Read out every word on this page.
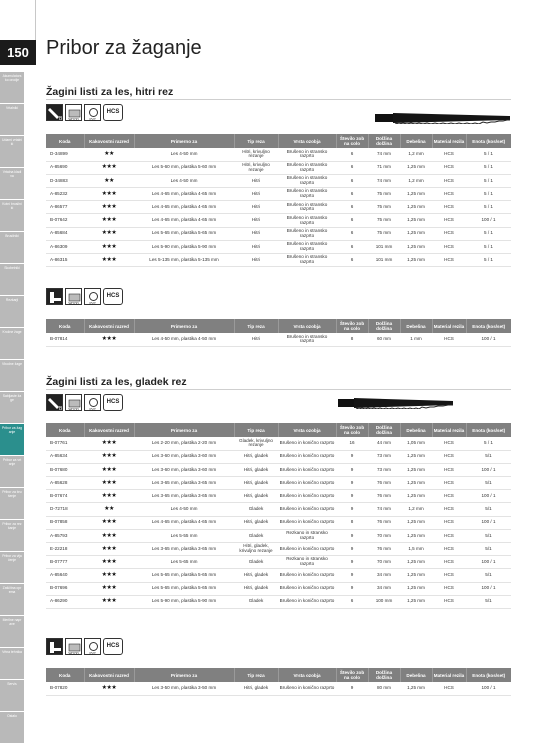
150 Pribor za žaganje
Akumulatorsko orodje
Vrtalniki
Udarni vrtalniki
Vrtalna kladiva
Kotni brusilniki
Brusilniki
Skobelniki
Rezkarji
Krožne žage
Vbodne žage
Sabljaste žage
Pribor za žaganje
Pribor za vrtanje
Pribor za brušenje
Pribor za rezkanje
Pribor za vijačenje
Zaščitna oprema
Merilne naprave
Vrtna tehnika
Servis
Ostalo
Žagini listi za les, hitri rez
B WOOD	PVC
HCS
Koda	Kakovostni razred	Primerno za	Tip reza	Vrsta ozobja	Število zob na colo	Dolžina dolžina	Debelina	Material rezila	Enota (kos/set)
D-34899	★★	Les 4-50 mm	Hitri, krivuljno rezanje	Brušeno in stransko razprto	6	74 mm	1,2 mm	HCS	5 / 1
A-85690	★★★	Les 5-60 mm, plastika 5-60 mm	Hitri, krivuljno rezanje	Brušeno in stransko razprto	6	71 mm	1,25 mm	HCS	5 / 1
D-34883	★★	Les 4-50 mm	Hitri	Brušeno in stransko razprto	6	74 mm	1,2 mm	HCS	5 / 1
A-85232	★★★	Les 4-65 mm, plastika 4-65 mm	Hitri	Brušeno in stransko razprto	6	75 mm	1,25 mm	HCS	5 / 1
A-86577	★★★	Les 4-65 mm, plastika 4-65 mm	Hitri	Brušeno in stransko razprto	6	75 mm	1,25 mm	HCS	5 / 1
B-07642	★★★	Les 4-65 mm, plastika 4-65 mm	Hitri	Brušeno in stransko razprto	6	75 mm	1,25 mm	HCS	100 / 1
A-85684	★★★	Les 5-65 mm, plastika 5-65 mm	Hitri	Brušeno in stransko razprto	6	75 mm	1,25 mm	HCS	5 / 1
A-86309	★★★	Les 5-90 mm, plastika 5-90 mm	Hitri	Brušeno in stransko razprto	6	101 mm	1,25 mm	HCS	5 / 1
A-86315	★★★	Les 5-135 mm, plastika 5-135 mm	Hitri	Brušeno in stransko razprto	6	101 mm	1,25 mm	HCS	5 / 1
WOOD	PVC
HCS
Koda	Kakovostni razred	Primerno za	Tip reza	Vrsta ozobja	Število zob na colo	Dolžina dolžina	Debelina	Material rezila	Enota (kos/set)
B-07814	★★★	Les 4-50 mm, plastika 4-50 mm	Hitri	Brušeno in stransko razprto	8	60 mm	1 mm	HCS	100 / 1
Žagini listi za les, gladek rez
B WOOD	PVC
HCS
Koda	Kakovostni razred	Primerno za	Tip reza	Vrsta ozobja	Število zob na colo	Dolžina dolžina	Debelina	Material rezila	Enota (kos/set)
B-07761	★★★	Les 2-20 mm, plastika 2-20 mm	Gladek, krivuljno rezanje	Brušeno in konično razprto	16	44 mm	1,05 mm	HCS	5 / 1
A-85634	★★★	Les 3-60 mm, plastika 3-60 mm	Hitri, gladek	Brušeno in konično razprto	9	73 mm	1,25 mm	HCS	5/1
B-07680	★★★	Les 3-60 mm, plastika 3-60 mm	Hitri, gladek	Brušeno in konično razprto	9	73 mm	1,25 mm	HCS	100 / 1
A-85628	★★★	Les 3-65 mm, plastika 3-65 mm	Hitri, gladek	Brušeno in konično razprto	9	76 mm	1,25 mm	HCS	5/1
B-07674	★★★	Les 3-65 mm, plastika 3-65 mm	Hitri, gladek	Brušeno in konično razprto	9	76 mm	1,25 mm	HCS	100 / 1
D-72718	★★	Les 4-50 mm	Gladek	Brušeno in konično razprto	9	74 mm	1,2 mm	HCS	5/1
B-07858	★★★	Les 4-65 mm, plastika 4-65 mm	Hitri, gladek	Brušeno in konično razprto	8	76 mm	1,25 mm	HCS	100 / 1
A-85793	★★★	Les 5-55 mm	Gladek	Rezkano in stransko razprto	9	70 mm	1,25 mm	HCS	5/1
E-22218	★★★	Les 3-65 mm, plastika 3-65 mm	Hitri, gladek, krivuljno rezanje	Brušeno in konično razprto	9	76 mm	1,5 mm	HCS	5/1
B-07777	★★★	Les 5-65 mm	Gladek	Rezkano in stransko razprto	9	70 mm	1,25 mm	HCS	100 / 1
A-85640	★★★	Les 5-65 mm, plastika 5-65 mm	Hitri, gladek	Brušeno in konično razprto	9	34 mm	1,25 mm	HCS	5/1
B-07696	★★★	Les 5-65 mm, plastika 5-65 mm	Hitri, gladek	Brušeno in konično razprto	9	34 mm	1,25 mm	HCS	100 / 1
A-86290	★★★	Les 5-90 mm, plastika 5-90 mm	Gladek	Brušeno in konično razprto	6	100 mm	1,25 mm	HCS	5/1
WOOD	PVC
HCS
Koda	Kakovostni razred	Primerno za	Tip reza	Vrsta ozobja	Število zob na colo	Dolžina dolžina	Debelina	Material rezila	Enota (kos/set)
B-07820	★★★	Les 3-50 mm, plastika 3-50 mm	Hitri, gladek	Brušeno in konično razprto	9	80 mm	1,25 mm	HCS	100 / 1
